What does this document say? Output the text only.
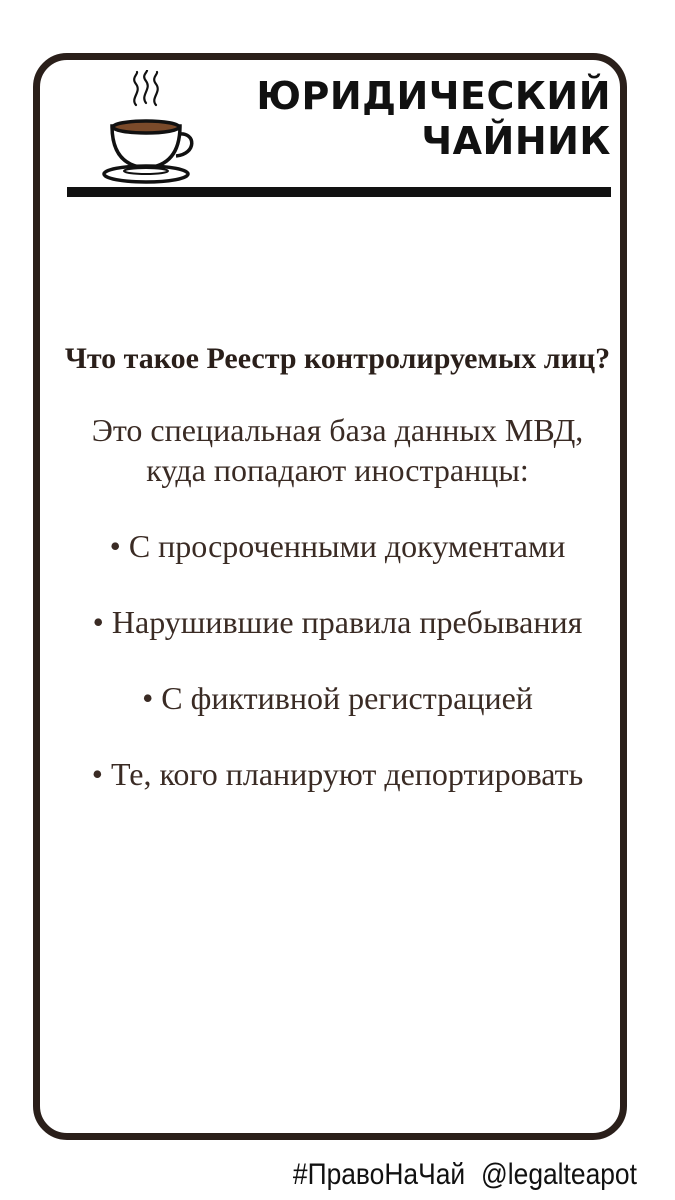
ЮРИДИЧЕСКИЙ
ЧАЙНИК
Что такое Реестр контролируемых лиц?
Это специальная база данных МВД, куда попадают иностранцы:
• С просроченными документами
• Нарушившие правила пребывания
• С фиктивной регистрацией
• Те, кого планируют депортировать
#ПравоНаЧай @legalteapot
